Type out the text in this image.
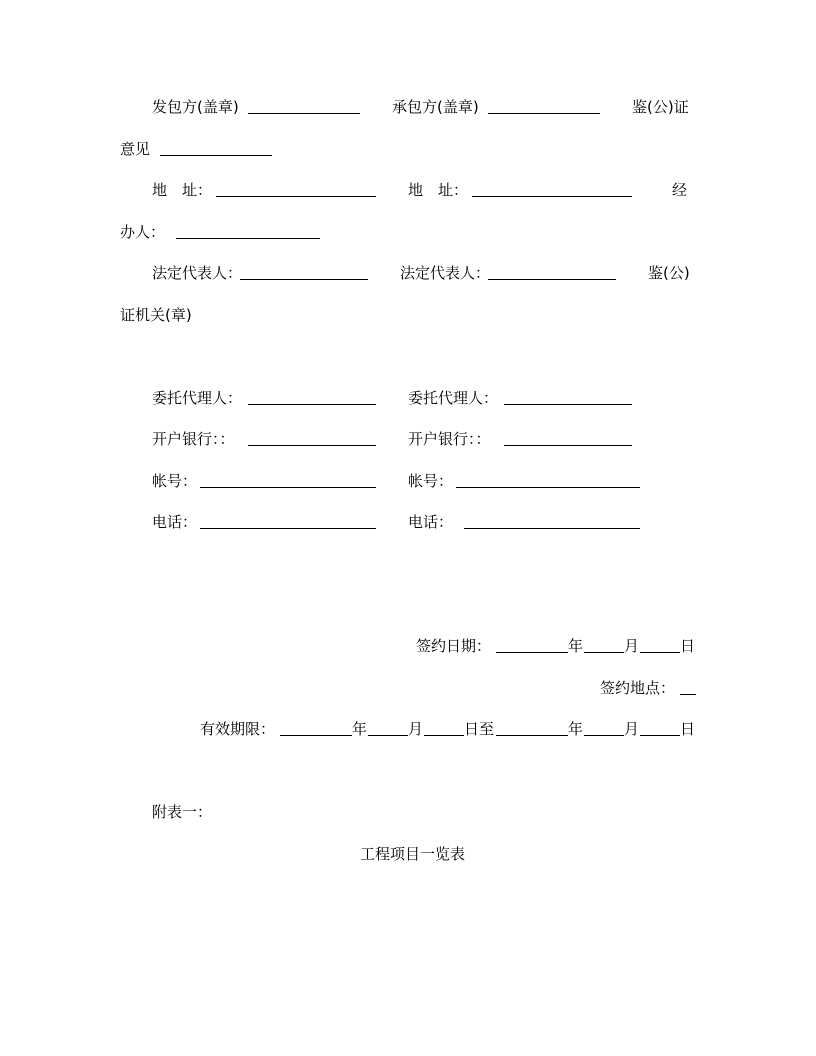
发包方(盖章)	承包方(盖章)	鉴(公)证
意见
地　址：	地　址：	经
办人：
法定代表人：	法定代表人：	鉴(公)
证机关(章)
委托代理人：	委托代理人：
开户银行：：	开户银行：：
帐号：	帐号：
电话：	电话：
签约日期：	年	月	日
签约地点：
有效期限：	年	月	日至	年	月	日
附表一：
工程项目一览表
